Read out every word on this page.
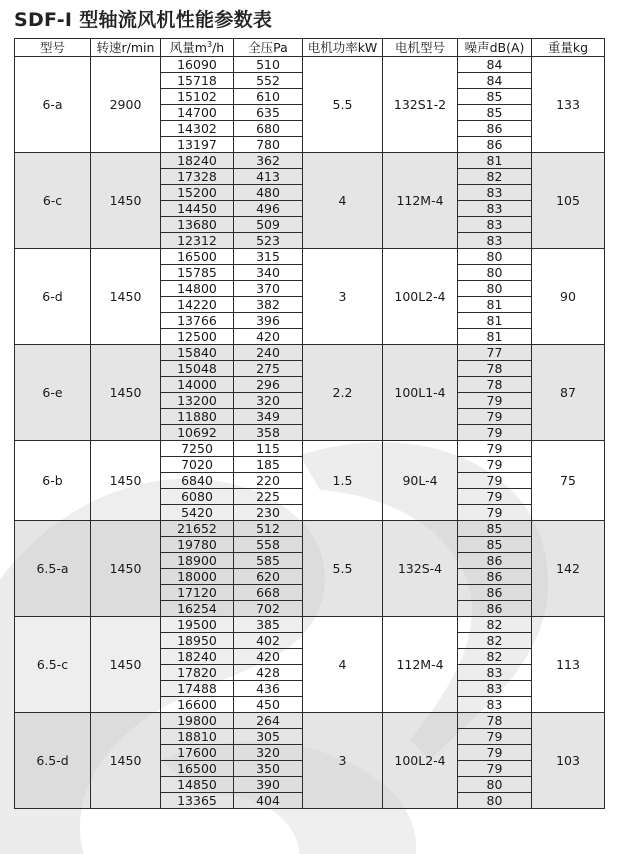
SDF-I 型轴流风机性能参数表
型号	转速r/min	风量$m^3/h$	全压Pa	电机功率kW	电机型号	噪声dB(A)	重量kg
6-a	2900	16090	510	5.5	132S1-2	84	133
		15718	552			84	
		15102	610			85	
		14700	635			85	
		14302	680			86	
		13197	780			86	
6-c	1450	18240	362	4	112M-4	81	105
		17328	413			82	
		15200	480			83	
		14450	496			83	
		13680	509			83	
		12312	523			83	
6-d	1450	16500	315	3	100L2-4	80	90
		15785	340			80	
		14800	370			80	
		14220	382			81	
		13766	396			81	
		12500	420			81	
6-e	1450	15840	240	2.2	100L1-4	77	87
		15048	275			78	
		14000	296			78	
		13200	320			79	
		11880	349			79	
		10692	358			79	
6-b	1450	7250	115	1.5	90L-4	79	75
		7020	185			79	
		6840	220			79	
		6080	225			79	
		5420	230			79	
6.5-a	1450	21652	512	5.5	132S-4	85	142
		19780	558			85	
		18900	585			86	
		18000	620			86	
		17120	668			86	
		16254	702			86	
6.5-c	1450	19500	385	4	112M-4	82	113
		18950	402			82	
		18240	420			82	
		17820	428			83	
		17488	436			83	
		16600	450			83	
6.5-d	1450	19800	264	3	100L2-4	78	103
		18810	305			79	
		17600	320			79	
		16500	350			79	
		14850	390			80	
		13365	404			80	
